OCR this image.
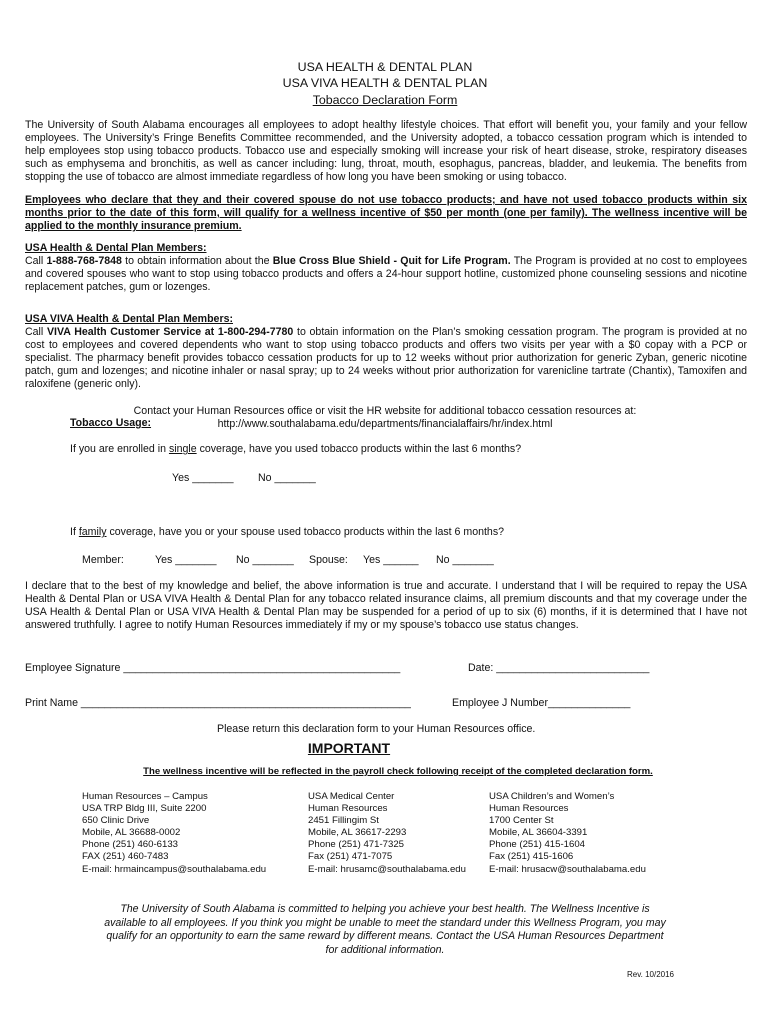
USA HEALTH & DENTAL PLAN
USA VIVA HEALTH & DENTAL PLAN
Tobacco Declaration Form
The University of South Alabama encourages all employees to adopt healthy lifestyle choices. That effort will benefit you, your family and your fellow employees. The University’s Fringe Benefits Committee recommended, and the University adopted, a tobacco cessation program which is intended to help employees stop using tobacco products. Tobacco use and especially smoking will increase your risk of heart disease, stroke, respiratory diseases such as emphysema and bronchitis, as well as cancer including: lung, throat, mouth, esophagus, pancreas, bladder, and leukemia. The benefits from stopping the use of tobacco are almost immediate regardless of how long you have been smoking or using tobacco.
Employees who declare that they and their covered spouse do not use tobacco products; and have not used tobacco products within six months prior to the date of this form, will qualify for a wellness incentive of $50 per month (one per family). The wellness incentive will be applied to the monthly insurance premium.
USA Health & Dental Plan Members:
Call 1-888-768-7848 to obtain information about the Blue Cross Blue Shield - Quit for Life Program. The Program is provided at no cost to employees and covered spouses who want to stop using tobacco products and offers a 24-hour support hotline, customized phone counseling sessions and nicotine replacement patches, gum or lozenges.
USA VIVA Health & Dental Plan Members:
Call VIVA Health Customer Service at 1-800-294-7780 to obtain information on the Plan’s smoking cessation program. The program is provided at no cost to employees and covered dependents who want to stop using tobacco products and offers two visits per year with a $0 copay with a PCP or specialist. The pharmacy benefit provides tobacco cessation products for up to 12 weeks without prior authorization for generic Zyban, generic nicotine patch, gum and lozenges; and nicotine inhaler or nasal spray; up to 24 weeks without prior authorization for varenicline tartrate (Chantix), Tamoxifen and raloxifene (generic only).
Contact your Human Resources office or visit the HR website for additional tobacco cessation resources at:
http://www.southalabama.edu/departments/financialaffairs/hr/index.html
Tobacco Usage:
If you are enrolled in single coverage, have you used tobacco products within the last 6 months?
Yes _______ No _______
If family coverage, have you or your spouse used tobacco products within the last 6 months?
Member:	Yes _______ No _______ Spouse: Yes ______ No _______
I declare that to the best of my knowledge and belief, the above information is true and accurate. I understand that I will be required to repay the USA Health & Dental Plan or USA VIVA Health & Dental Plan for any tobacco related insurance claims, all premium discounts and that my coverage under the USA Health & Dental Plan or USA VIVA Health & Dental Plan may be suspended for a period of up to six (6) months, if it is determined that I have not answered truthfully. I agree to notify Human Resources immediately if my or my spouse’s tobacco use status changes.
Employee Signature _______________________________________________	Date: __________________________
Print Name ________________________________________________________	Employee J Number______________
Please return this declaration form to your Human Resources office.
IMPORTANT
The wellness incentive will be reflected in the payroll check following receipt of the completed declaration form.
Human Resources – Campus
USA TRP Bldg III, Suite 2200
650 Clinic Drive
Mobile, AL 36688-0002
Phone (251) 460-6133
FAX (251) 460-7483
E-mail: hrmaincampus@southalabama.edu
USA Medical Center
Human Resources
2451 Fillingim St
Mobile, AL 36617-2293
Phone (251) 471-7325
Fax (251) 471-7075
E-mail: hrusamc@southalabama.edu
USA Children’s and Women’s
Human Resources
1700 Center St
Mobile, AL 36604-3391
Phone (251) 415-1604
Fax (251) 415-1606
E-mail: hrusacw@southalabama.edu
The University of South Alabama is committed to helping you achieve your best health. The Wellness Incentive is
available to all employees. If you think you might be unable to meet the standard under this Wellness Program, you may
qualify for an opportunity to earn the same reward by different means. Contact the USA Human Resources Department
for additional information.
Rev. 10/2016
